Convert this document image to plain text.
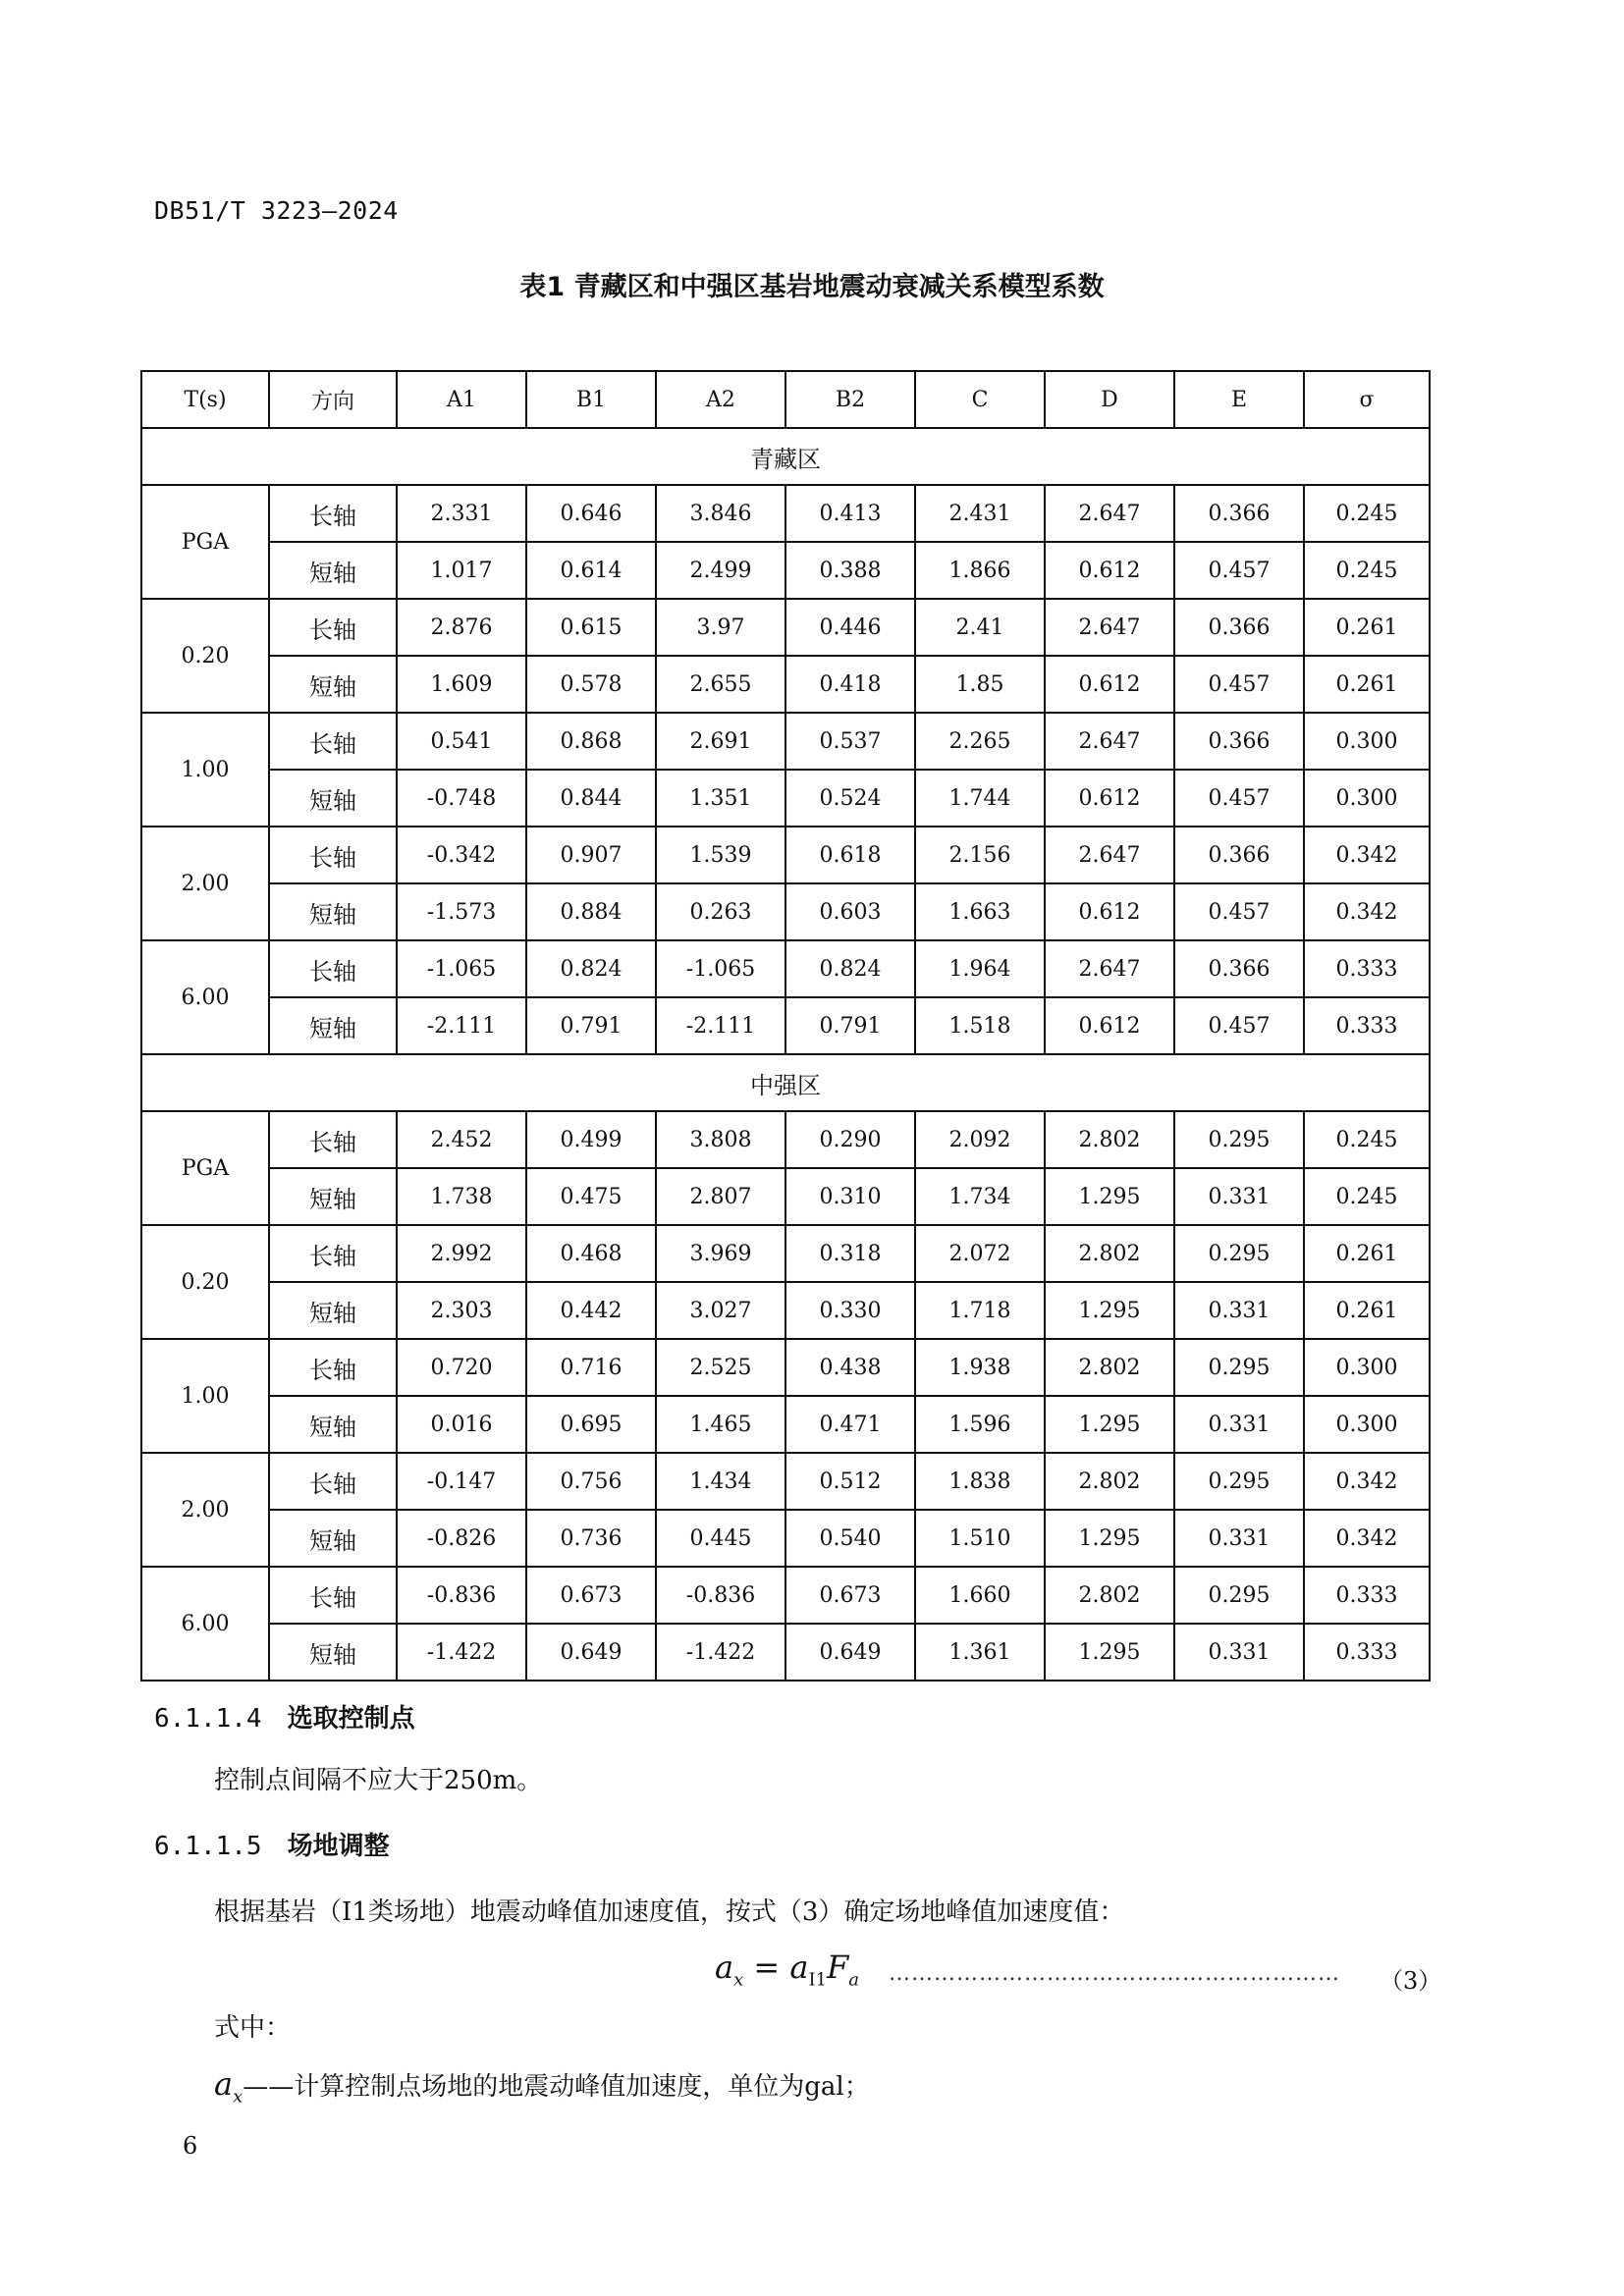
DB51/T 3223—2024
表1 青藏区和中强区基岩地震动衰减关系模型系数
T(s)	方向	A1	B1	A2	B2	C	D	E	σ
青藏区									
PGA	长轴	2.331	0.646	3.846	0.413	2.431	2.647	0.366	0.245
	短轴	1.017	0.614	2.499	0.388	1.866	0.612	0.457	0.245
0.20	长轴	2.876	0.615	3.97	0.446	2.41	2.647	0.366	0.261
	短轴	1.609	0.578	2.655	0.418	1.85	0.612	0.457	0.261
1.00	长轴	0.541	0.868	2.691	0.537	2.265	2.647	0.366	0.300
	短轴	-0.748	0.844	1.351	0.524	1.744	0.612	0.457	0.300
2.00	长轴	-0.342	0.907	1.539	0.618	2.156	2.647	0.366	0.342
	短轴	-1.573	0.884	0.263	0.603	1.663	0.612	0.457	0.342
6.00	长轴	-1.065	0.824	-1.065	0.824	1.964	2.647	0.366	0.333
	短轴	-2.111	0.791	-2.111	0.791	1.518	0.612	0.457	0.333
中强区									
PGA	长轴	2.452	0.499	3.808	0.290	2.092	2.802	0.295	0.245
	短轴	1.738	0.475	2.807	0.310	1.734	1.295	0.331	0.245
0.20	长轴	2.992	0.468	3.969	0.318	2.072	2.802	0.295	0.261
	短轴	2.303	0.442	3.027	0.330	1.718	1.295	0.331	0.261
1.00	长轴	0.720	0.716	2.525	0.438	1.938	2.802	0.295	0.300
	短轴	0.016	0.695	1.465	0.471	1.596	1.295	0.331	0.300
2.00	长轴	-0.147	0.756	1.434	0.512	1.838	2.802	0.295	0.342
	短轴	-0.826	0.736	0.445	0.540	1.510	1.295	0.331	0.342
6.00	长轴	-0.836	0.673	-0.836	0.673	1.660	2.802	0.295	0.333
	短轴	-1.422	0.649	-1.422	0.649	1.361	1.295	0.331	0.333
6.1.1.4 选取控制点
控制点间隔不应大于250m。
6.1.1.5 场地调整
根据基岩（I1类场地）地震动峰值加速度值，按式（3）确定场地峰值加速度值：
$a_x = a_{I1}F_a$ …………………………………………………… （3）
式中：
$a_x——$计算控制点场地的地震动峰值加速度，单位为gal；
6
